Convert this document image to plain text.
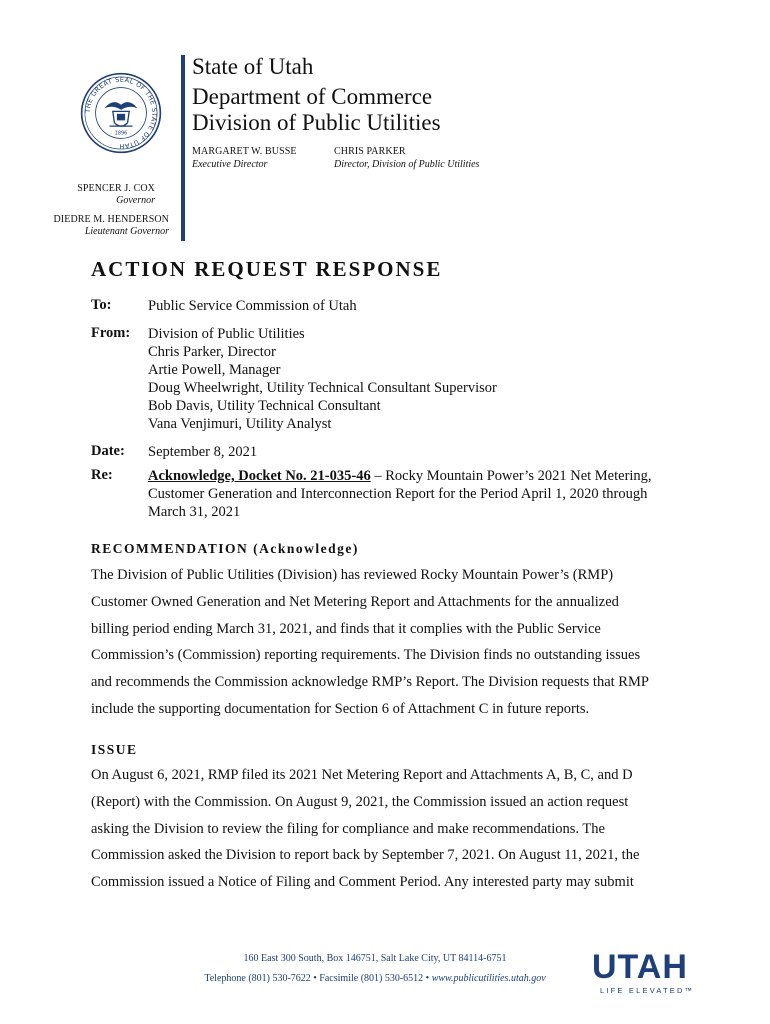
THE GREAT SEAL OF THE STATE OF UTAH
1896
State of Utah
Department of Commerce
Division of Public Utilities
MARGARET W. BUSSE
Executive Director
CHRIS PARKER
Director, Division of Public Utilities
SPENCER J. COX
Governor
DIEDRE M. HENDERSON
Lieutenant Governor
ACTION REQUEST RESPONSE
To:	Public Service Commission of Utah
From: Division of Public Utilities
Chris Parker, Director
Artie Powell, Manager
Doug Wheelwright, Utility Technical Consultant Supervisor
Bob Davis, Utility Technical Consultant
Vana Venjimuri, Utility Analyst
Date: September 8, 2021
Re: Acknowledge, Docket No. 21-035-46 – Rocky Mountain Power’s 2021 Net Metering,
Customer Generation and Interconnection Report for the Period April 1, 2020 through
March 31, 2021
RECOMMENDATION (Acknowledge)
The Division of Public Utilities (Division) has reviewed Rocky Mountain Power’s (RMP)
Customer Owned Generation and Net Metering Report and Attachments for the annualized
billing period ending March 31, 2021, and finds that it complies with the Public Service
Commission’s (Commission) reporting requirements. The Division finds no outstanding issues
and recommends the Commission acknowledge RMP’s Report. The Division requests that RMP
include the supporting documentation for Section 6 of Attachment C in future reports.
ISSUE
On August 6, 2021, RMP filed its 2021 Net Metering Report and Attachments A, B, C, and D
(Report) with the Commission. On August 9, 2021, the Commission issued an action request
asking the Division to review the filing for compliance and make recommendations. The
Commission asked the Division to report back by September 7, 2021. On August 11, 2021, the
Commission issued a Notice of Filing and Comment Period. Any interested party may submit
160 East 300 South, Box 146751, Salt Lake City, UT 84114-6751
Telephone (801) 530-7622 • Facsimile (801) 530-6512 • www.publicutilities.utah.gov	UTAH
LIFE ELEVATED™
